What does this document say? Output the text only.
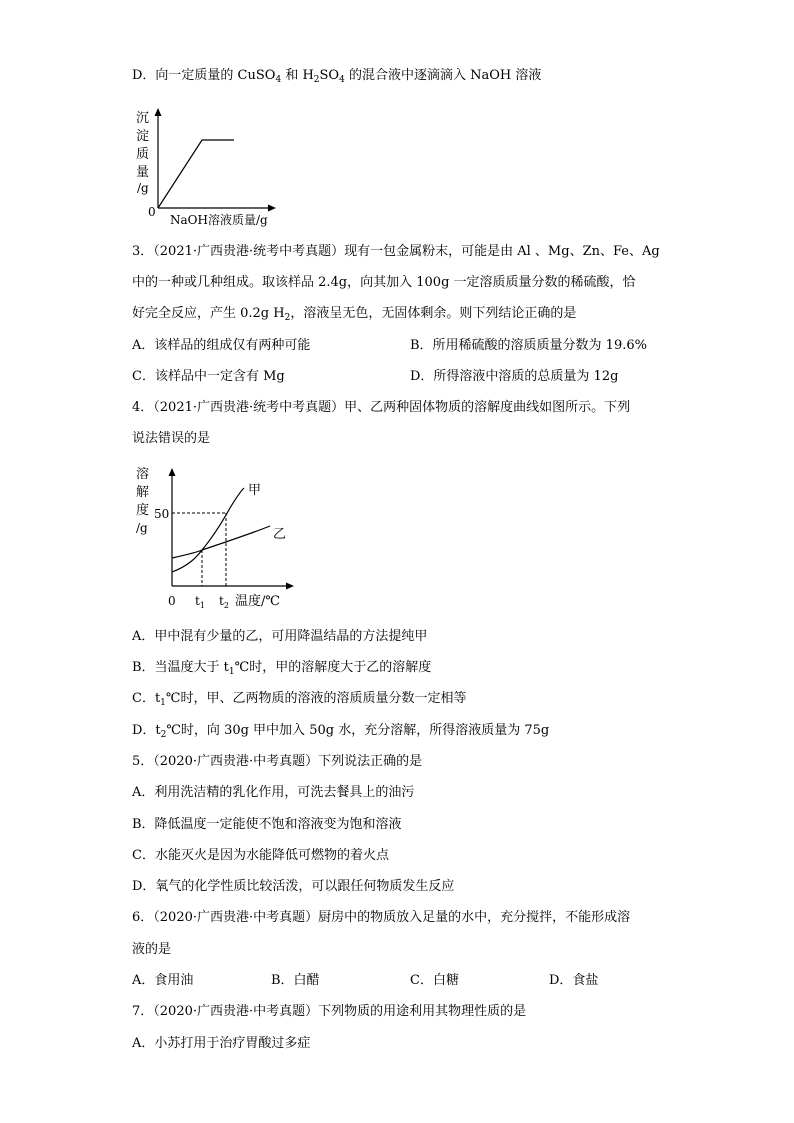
D．向一定质量的 CuSO$_4$ 和 $H_2SO_4$ 的混合液中逐滴滴入 NaOH 溶液
沉
淀
质
量
/g
0
NaOH溶液质量/g
3．（2021·广西贵港·统考中考真题）现有一包金属粉末，可能是由 Al 、Mg、Zn、Fe、Ag
中的一种或几种组成。取该样品 2.4g，向其加入 100g 一定溶质质量分数的稀硫酸，恰
好完全反应，产生 0.2g $H_2$，溶液呈无色，无固体剩余。则下列结论正确的是
A．该样品的组成仅有两种可能	B．所用稀硫酸的溶质质量分数为 19.6%
C．该样品中一定含有 Mg	D．所得溶液中溶质的总质量为 12g
4．（2021·广西贵港·统考中考真题）甲、乙两种固体物质的溶解度曲线如图所示。下列
说法错误的是
溶
解
度
/g
50
甲
乙
0 $t_1$ $t_2$ 温度/℃
A．甲中混有少量的乙，可用降温结晶的方法提纯甲
B．当温度大于 $t_1℃$时，甲的溶解度大于乙的溶解度
C．$t_1℃$时，甲、乙两物质的溶液的溶质质量分数一定相等
D．$t_2℃$时，向 30g 甲中加入 50g 水，充分溶解，所得溶液质量为 75g
5．（2020·广西贵港·中考真题）下列说法正确的是
A．利用洗洁精的乳化作用，可洗去餐具上的油污
B．降低温度一定能使不饱和溶液变为饱和溶液
C．水能灭火是因为水能降低可燃物的着火点
D．氧气的化学性质比较活泼，可以跟任何物质发生反应
6．（2020·广西贵港·中考真题）厨房中的物质放入足量的水中，充分搅拌，不能形成溶
液的是
A．食用油	B．白醋	C．白糖	D．食盐
7．（2020·广西贵港·中考真题）下列物质的用途利用其物理性质的是
A．小苏打用于治疗胃酸过多症
